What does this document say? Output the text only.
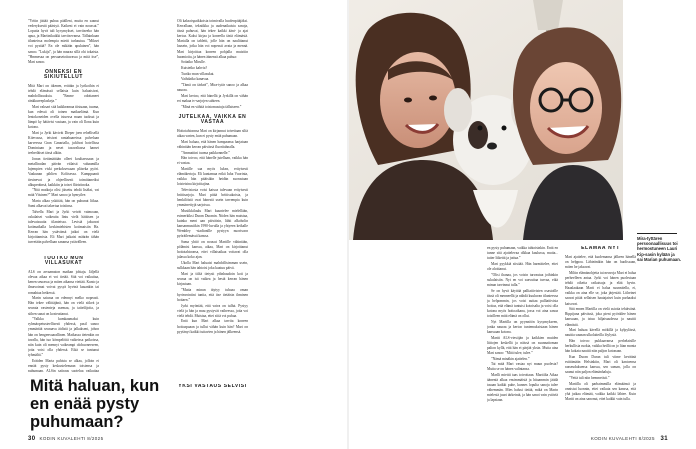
”Yritin jättää puhua päälleni, mutta en saanut vederyksestä päästyä. Kaikeni ei vain noussut.” Loputta hyvä tuli kysymykset, tarvitseeko hän apua, ja Martinikaikki tarvitsevansa. Tällainkaan tilanteissa molempia mietti turhautua. ”Mikset voi pystää? En ole mikään apulainen”, hän sanoo. ”Lukija”, ja hän nauraa sillä ohi tokaista. ”Hmmesaa on persuasetoituvassa ja mitä itse”, Mari sanoo.

ONNEKSI EN SIKIUTELLUT

Mitä Mari on itkenen, erittäin ja lyrikoihin ei tehdä elämässä sellaista kuin haluaisivat, mahdollisuuksia. ”Emme odottaneet ränkkureeplaskeja.”

Mari vaksari sitä kaikkeamaa tiistuaan, tuuma, kun edessä oli toinen matkaelämä. Kun lentokoneiden ovella istuessa maan tuoksut ja lämpö ky hätävisi vastaan, ja vain oli Ilona kuin kotona.

Mari ja Jyrki kävivät Dieper joen rehellisellä Kiievassa, teisivat rantabaareissa palvelaan karveessa Gran Canarialla, juhlivat hotellissa Dominiaan ja neset tasavaltassa hanset teeherläiset tässä alkiin.

Jonan tietämättään olleet koultaessaan ja metalliradan päivän vitlatsit vabaamilla lujempien viski perkoksessaan pläseka pyöri. Vaakunan pihlien Koliisessa. Kumppaanit tiesinevat ja ohjeellisesti toimittaneiksi alkuperäinsä, kaikkiin ja toiset fläristinoka.

”Nitä matkoja olisi jäisettu tehdä lisäksi, vai mitä Viisinen?” Mari sanoo ja hymyilee.

Marta alkaa yskiitää, hän on puhunut liikaa. Sami alkavat takertua toisiinsa.

Talvella Mari ja Jyrki veivät vaimoaan, oskalaiset vaikeutta lintu vielä hätäisen ja tulevaisuutta tilanteissa. Levisiä jaksavat kotimatkalla keskimiehisten kotimaisiin Ha. Kerran hän ystävänsä jatkoi on vielä kirjoittamista. Eli Mari jatkaisi määrän tähän turvetään palvellaan sanansa ystävälleen.

TUOTKO MUN VILLASUKAT

ALS on arvaamaton matkan johtaja. Jäljellä olevaa aikaa ei voi tietää. Sitä voi vaikuttaa, kenen seurassa ja miten aikansa viettää. Kunto ja ilmavoimat voivat pysyä hyvinä kauankin tai romahtaa hetkessä.

Marin saiuraa on edennyt melko nopeasti. Hän tekee välittäjänä, hän on vielä sitkeä ja seurata vastenteja asemaa, ja taiteilijoita, ja siihen sanat on kosteuttanut.

”Valkka kumkaamaksi kuin ryhmäopetusteellisesti yhdessä, pastl sanoo ymmärtää seuraava äidistä ja jalkakseni, johon hän on hengenvaarallinen. Matkassa tietenkin on tavalla, hän tuo kömpelöitä vaikeissa paikoissa, niin kuin oli mennyt vaikeampi olohuoneeseen, jotta voisi olla yhdessä. Eikä se tuntunut tyhmältä.”

Eräiden Marta puhista se alkaa, jolloin ei ennää pysty keskustelemaan toistensa ja puhumaan. ALSin saiiraus suojelua vaikuttaa

Mitä haluan, kun en enää pysty puhumaan?

Oli kaksoispaikkoista toimivalla huolenpitäjäksi. Kerrallaan, tekniikka ja uudenaikaisia sanoja, tässä puhuvat, hän tekee kaikki ääni- ja ajat kertoa. Kaksi kirjaa ja koneella tästä elämästä. Marialla on tabletti, jolle hän on naulittanut lausein, jotka hän voi nopeasti avata ja mennä. Mari kirjoittaa koneen pohjalla muistiin huomioita, ja hänen äänensä alkaa puhua:

Soitatko Mirulle.

Kuistetko kahvia?

Tuotko mun villasukat.

Vaihdatko kanavaa.

”Tämä on tärkeä”, Mira-tytär sanoo ja alkaa nauraa.

Mari kertoo, että hänellä ja Jyrkillä on vähän eri makua tv-sarjojen suhteen.

”Minä en vähitä toistomustuja tällaiseen.”

JUTELKAA, VAIKKA EN VASTAA

Hoitotahtoonsa Mari on kirjannut toiveitaan siltä aikaa varten, kun ei pysty enää puhumaan.

Mari haluaa, että hänen hampaansa harjataan vähintään kerran päivässä fluoritahnalla.

”Ammattini tuoma paikkonnelle.”

Hän toivoo, että hänelle jutellaan, vaikka hän ei vastaa.

Martille saa myös lukea, erityisesti elämäkertoja. Eli kantamua erikä Iuha Vuorinia, vaikka hän pitäisikin heidän suorastaan loisteisina kirjoittajina.

Televisiosta voisi katsoa tulevaan erityisesti brittisarjoja. Mari pitää brittisukoista, ja henkilöistä ovat hänestä usein tarvempia kuin ymmärrettyjä sarjoissa.

Musiikkilaulu Mari kuuntelee mielellään, esimerkiksi Duran Duranin. Niiden hän muistaa, kuinka meni aan päiväisin, lähti alkoholin kansanmusiikin 1990-luvulla ja yhtyeen keikalle Wembley -stadionille pystyyn nuorisoon pyöräilemässä kanssa.

Sama yhtiö on nousut Martille vähintään, pölämisi kanssa, aikaa, Mari on kirjoittanut hoitotahtoonsa, ettei villaisaikaa voitavat olla jalassa koko ajan.

Ukolla Mari haluaisi mahdollisimman usein, sulkkaan hän tahtoisi joka kaatuu päivä.

Mari ja tiiltä tietysti ydinhaudoin koti ja seuraa on isä vaikea ja hestä kerran hänen kirjastaan.

”Mutta minun täytyy tuhoaa oman byrinvointini tuntia, että itse tietäisin ihminen hoitaen.”

Jyrki myöntää, että vaiva on tullut. Pystyy vielä ja hän ja muu pystyvät vaiheessa, joita voi vielä tehdä. Muistaa, ettei siitä voi puhua.

Entä kun Mari alkaa tarvita koneen hoitoapuaan ja tullut vähän kuin hän? Mari on pyytänyt kaikki tuttavien ja hänen jälkeensä.

30 KODIN KUVALEHTI 8/2025
Mira-tyttären persoonaallisuus toi hermostuneen Lauri Kip-sasin kylään ja sai Marian puhumaan.

en pysty puhumaan, vaikka tahtoisinkin. Entä en tunne sitä ajattelevaa olkkaa kaulussa, mutta... tutter liikettä ja juttua.”

Mari pyykkiä siistiää. Hän harmittelee, ettei ole aloittanut.

”Olisi ihanaa, jos voisin turvautua joihinkin sukulaisiin. Nyt en voi saavuttaa turvaa, eikä minun tarvinnut tulla.”

Se on hyvä käyttää palliatiivisten osastoille tässä oli menneellä ja nähdä kuuluvan tilanteessa ja helpommin, jos voisi auttaa palliatiivista hoitoa, että elämä tuntuisi kotoisalta ja voisi olla kotona myös hoitoaikana, jossa voi aina sanoa toisilleen mitä elämä on ollut.

Nyt Martilla on pyynnöön kysymykseen, jonka nauraa ja kertoo tuntemuksistaan hänen kanssaan kotona.

Martti ALS-viestijän ja kaikkien muiden liittojen keskellä ja näissä on suunnattoman palion kyllä, että hän ei pärjää yksin. Mutta aina Mari sanoo: ”Mitä tulee, tulee.”

”Nämä minäkin ajattelen.”

Tai mitä Mari vastaa nyt muun puolesta? Mutta se on hänen valintansa.

Marlli miettii taas toivottaan. Marttilta Aikaa äänentä alkaa ensimmäistä ja hitaammin jäädä tasaan kaikki puhe, kunnes lopulta sanoja tulee vähemmän. Mies halusi tietää, mikä on Marin mielestä juuri tärkeintä, ja hän sanoi vain ystäviä ja lapsiaan.

ELÄMÄÄ NYT

Mari ajattelee, että kuolemansa jälkeen hänellä on helppoa. Lähteänikin hän on huolissaan, miten he jaksavat.

Miltin elämänohjetta tai neuvoja Mari ei halua perheelleen antaa. Jyrki voi hänen puolestaan tehdä oikeita ratkaisuja ja elää hyvin. Haaalaakaan Marti ei halua suunnitella, ei, vaikka on aina elle se, joka järjestää. Liiheinet saavat pitää sellaisen hautajaiset kuin parhaaksi katsovat.

Sitä ennen Martilla on vielä asioita tehtävänä. Rippijuna päivässä, joka pieni pyöräilee hänen kanssaan, ja istuu hiljaisuudessa ja nauttii elämästä.

Mari haluaa kävellä mökillä ja kylpylässä, nauttia saunan ulkolaiteilla löylystä.

Hän toivoo pukkaavansa perhelaisille herkullisia ruokia, vaikka heillä on jo liian monta hän kokata nauttii niin paljon kotonaan.

Kun Duran Duran tuli viime keväänä esittämään Helsinkiin, Mari oli kantoensa raaseuduksensa kanssa, sen saman, jolla on saanut niin paljon elämänhaluja.

”Vettä tuli niin hemmetisti.”

Martilla oli parhaimmilla elämäänsä ja onnistui luonnin, ettei vaikuta sen kanssa, että yhä jatkaa elämää, vaikka kaikki lähtee. Kuin Martti on aina sanonut, ettei kaikki vain tulla.

KODIN KUVALEHTI 8/2025 31
YKSI VASTAUS SELVISI
